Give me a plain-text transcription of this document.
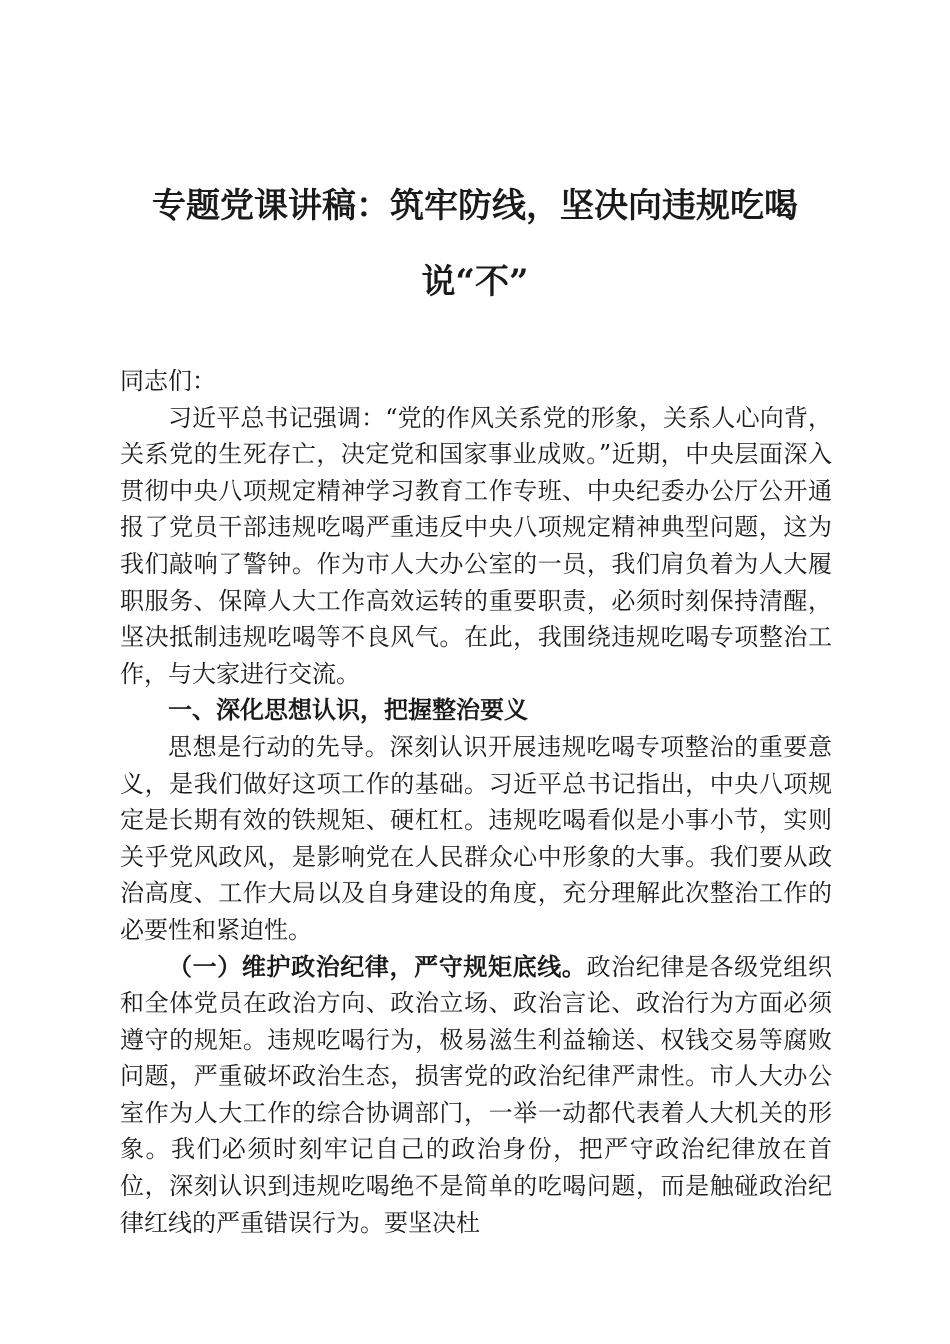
专题党课讲稿：筑牢防线，坚决向违规吃喝说“不”

同志们：

习近平总书记强调：“党的作风关系党的形象，关系人心向背，关系党的生死存亡，决定党和国家事业成败。”近期，中央层面深入贯彻中央八项规定精神学习教育工作专班、中央纪委办公厅公开通报了党员干部违规吃喝严重违反中央八项规定精神典型问题，这为我们敲响了警钟。作为市人大办公室的一员，我们肩负着为人大履职服务、保障人大工作高效运转的重要职责，必须时刻保持清醒，坚决抵制违规吃喝等不良风气。在此，我围绕违规吃喝专项整治工作，与大家进行交流。

一、深化思想认识，把握整治要义

思想是行动的先导。深刻认识开展违规吃喝专项整治的重要意义，是我们做好这项工作的基础。习近平总书记指出，中央八项规定是长期有效的铁规矩、硬杠杠。违规吃喝看似是小事小节，实则关乎党风政风，是影响党在人民群众心中形象的大事。我们要从政治高度、工作大局以及自身建设的角度，充分理解此次整治工作的必要性和紧迫性。

（一）维护政治纪律，严守规矩底线。政治纪律是各级党组织和全体党员在政治方向、政治立场、政治言论、政治行为方面必须遵守的规矩。违规吃喝行为，极易滋生利益输送、权钱交易等腐败问题，严重破坏政治生态，损害党的政治纪律严肃性。市人大办公室作为人大工作的综合协调部门，一举一动都代表着人大机关的形象。我们必须时刻牢记自己的政治身份，把严守政治纪律放在首位，深刻认识到违规吃喝绝不是简单的吃喝问题，而是触碰政治纪律红线的严重错误行为。要坚决杜
